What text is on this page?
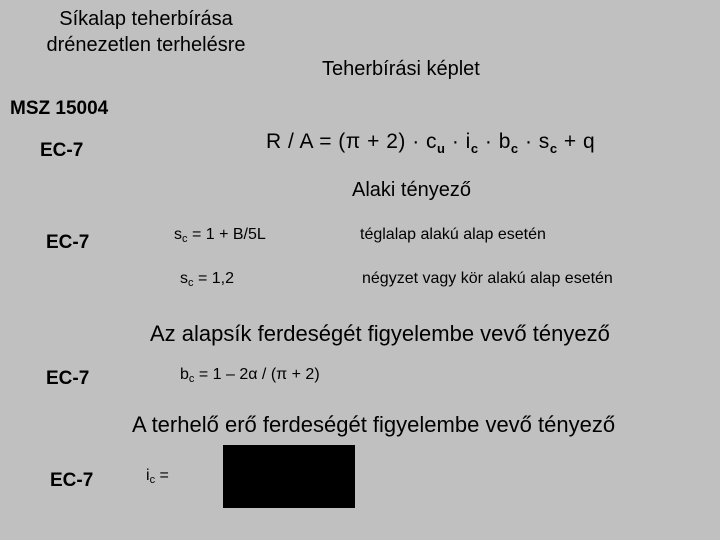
Síkalap teherbírása
drénezetlen terhelésre
Teherbírási képlet
MSZ 15004
EC-7	$R / A = (\pi + 2) \cdot c_u \cdot i_c \cdot b_c \cdot s_c + q$
Alaki tényező
EC-7	$s_c = 1 + B/5L$	téglalap alakú alap esetén
$s_c = 1,2$	négyzet vagy kör alakú alap esetén
Az alapsík ferdeségét figyelembe vevő tényező
EC-7	$b_c = 1 - 2\alpha / (\pi + 2)$
A terhelő erő ferdeségét figyelembe vevő tényező
EC-7	$i_c$ =
